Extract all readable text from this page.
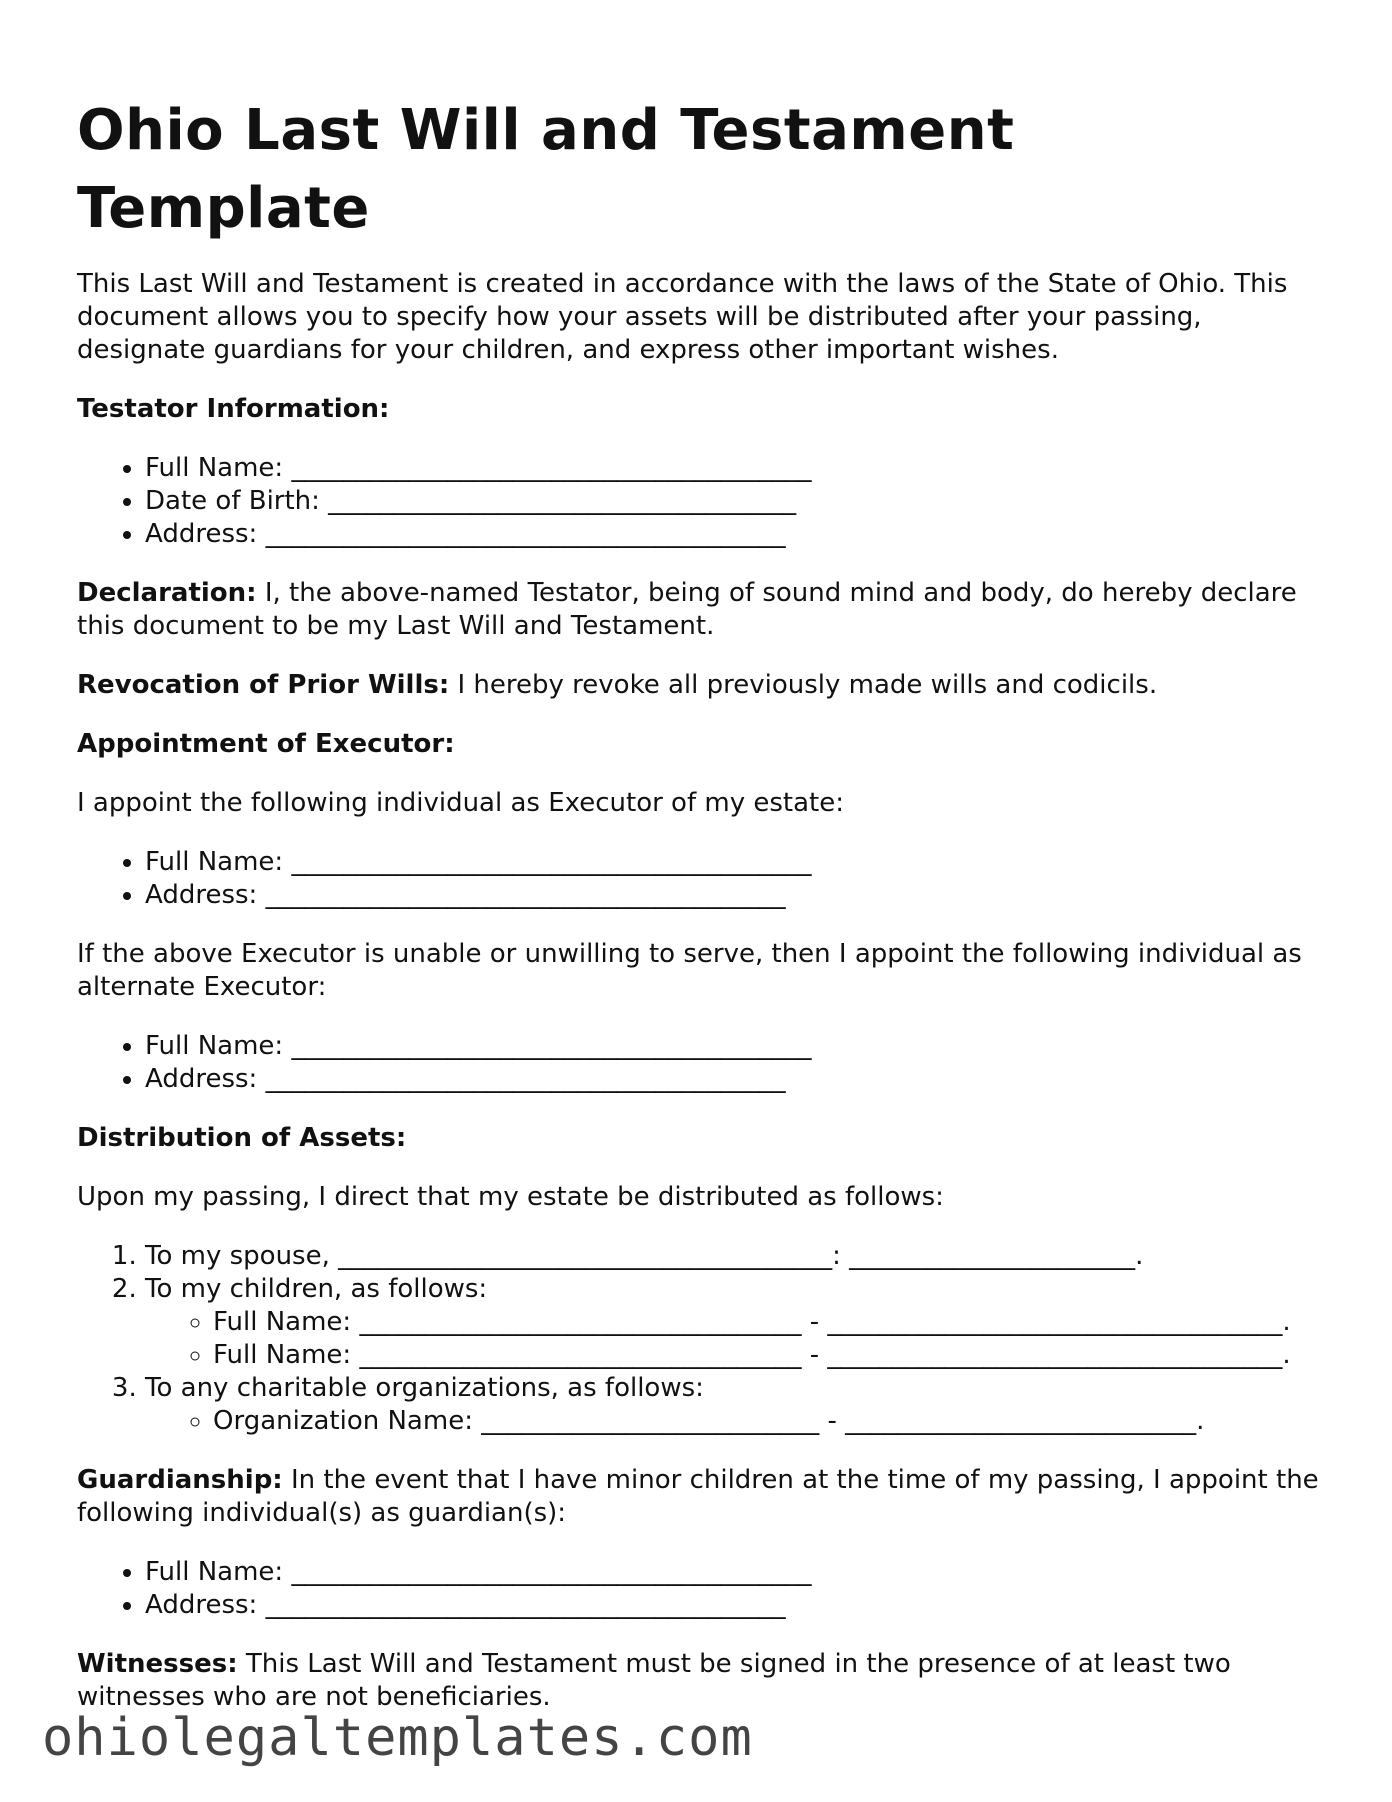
Ohio Last Will and Testament Template

This Last Will and Testament is created in accordance with the laws of the State of Ohio. This document allows you to specify how your assets will be distributed after your passing, designate guardians for your children, and express other important wishes.

Testator Information:
• Full Name: ________________________________________
• Date of Birth: ____________________________________
• Address: ________________________________________

Declaration: I, the above-named Testator, being of sound mind and body, do hereby declare this document to be my Last Will and Testament.

Revocation of Prior Wills: I hereby revoke all previously made wills and codicils.

Appointment of Executor:

I appoint the following individual as Executor of my estate:

• Full Name: ________________________________________
• Address: ________________________________________

If the above Executor is unable or unwilling to serve, then I appoint the following individual as alternate Executor:

• Full Name: ________________________________________
• Address: ________________________________________
Distribution of Assets:

Upon my passing, I direct that my estate be distributed as follows:

1. To my spouse, ______________________________________: ______________________.
2. To my children, as follows:
◦ Full Name: __________________________________ - ___________________________________.
◦ Full Name: __________________________________ - ___________________________________.
3. To any charitable organizations, as follows:
◦ Organization Name: __________________________ - ___________________________.

Guardianship: In the event that I have minor children at the time of my passing, I appoint the following individual(s) as guardian(s):

• Full Name: ________________________________________
• Address: ________________________________________

Witnesses: This Last Will and Testament must be signed in the presence of at least two witnesses who are not beneficiaries.

ohiolegaltemplates.com
